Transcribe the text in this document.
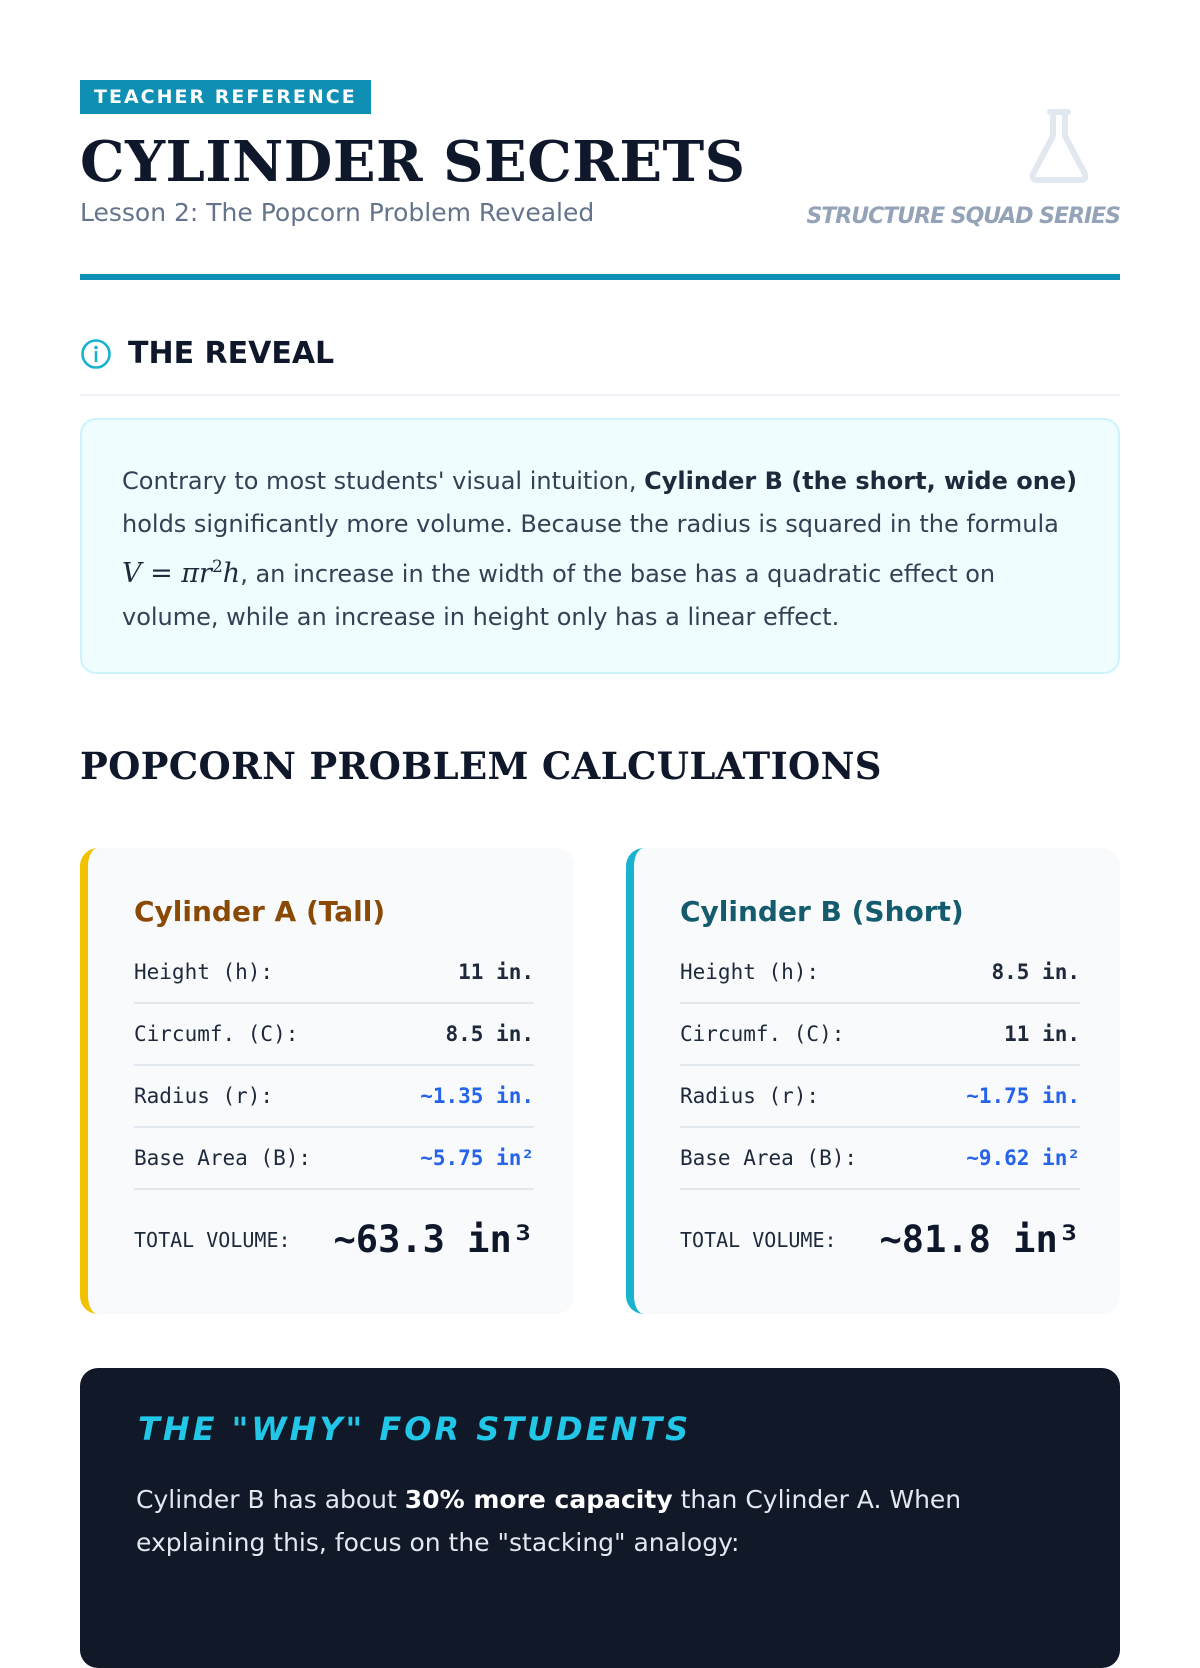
TEACHER REFERENCE
CYLINDER SECRETS
Lesson 2: The Popcorn Problem Revealed	STRUCTURE SQUAD SERIES
THE REVEAL
Contrary to most students' visual intuition, Cylinder B (the short, wide one) holds significantly more volume. Because the radius is squared in the formula $V = \pi r^2h$, an increase in the width of the base has a quadratic effect on volume, while an increase in height only has a linear effect.
POPCORN PROBLEM CALCULATIONS
Cylinder A (Tall)
Height (h):	11 in.
Circumf. (C):	8.5 in.
Radius (r):	~1.35 in.
Base Area (B):	~5.75 in²
TOTAL VOLUME: ~63.3 in³
Cylinder B (Short)
Height (h):	8.5 in.
Circumf. (C):	11 in.
Radius (r):	~1.75 in.
Base Area (B):	~9.62 in²
TOTAL VOLUME: ~81.8 in³
THE "WHY" FOR STUDENTS
Cylinder B has about 30% more capacity than Cylinder A. When explaining this, focus on the "stacking" analogy:
